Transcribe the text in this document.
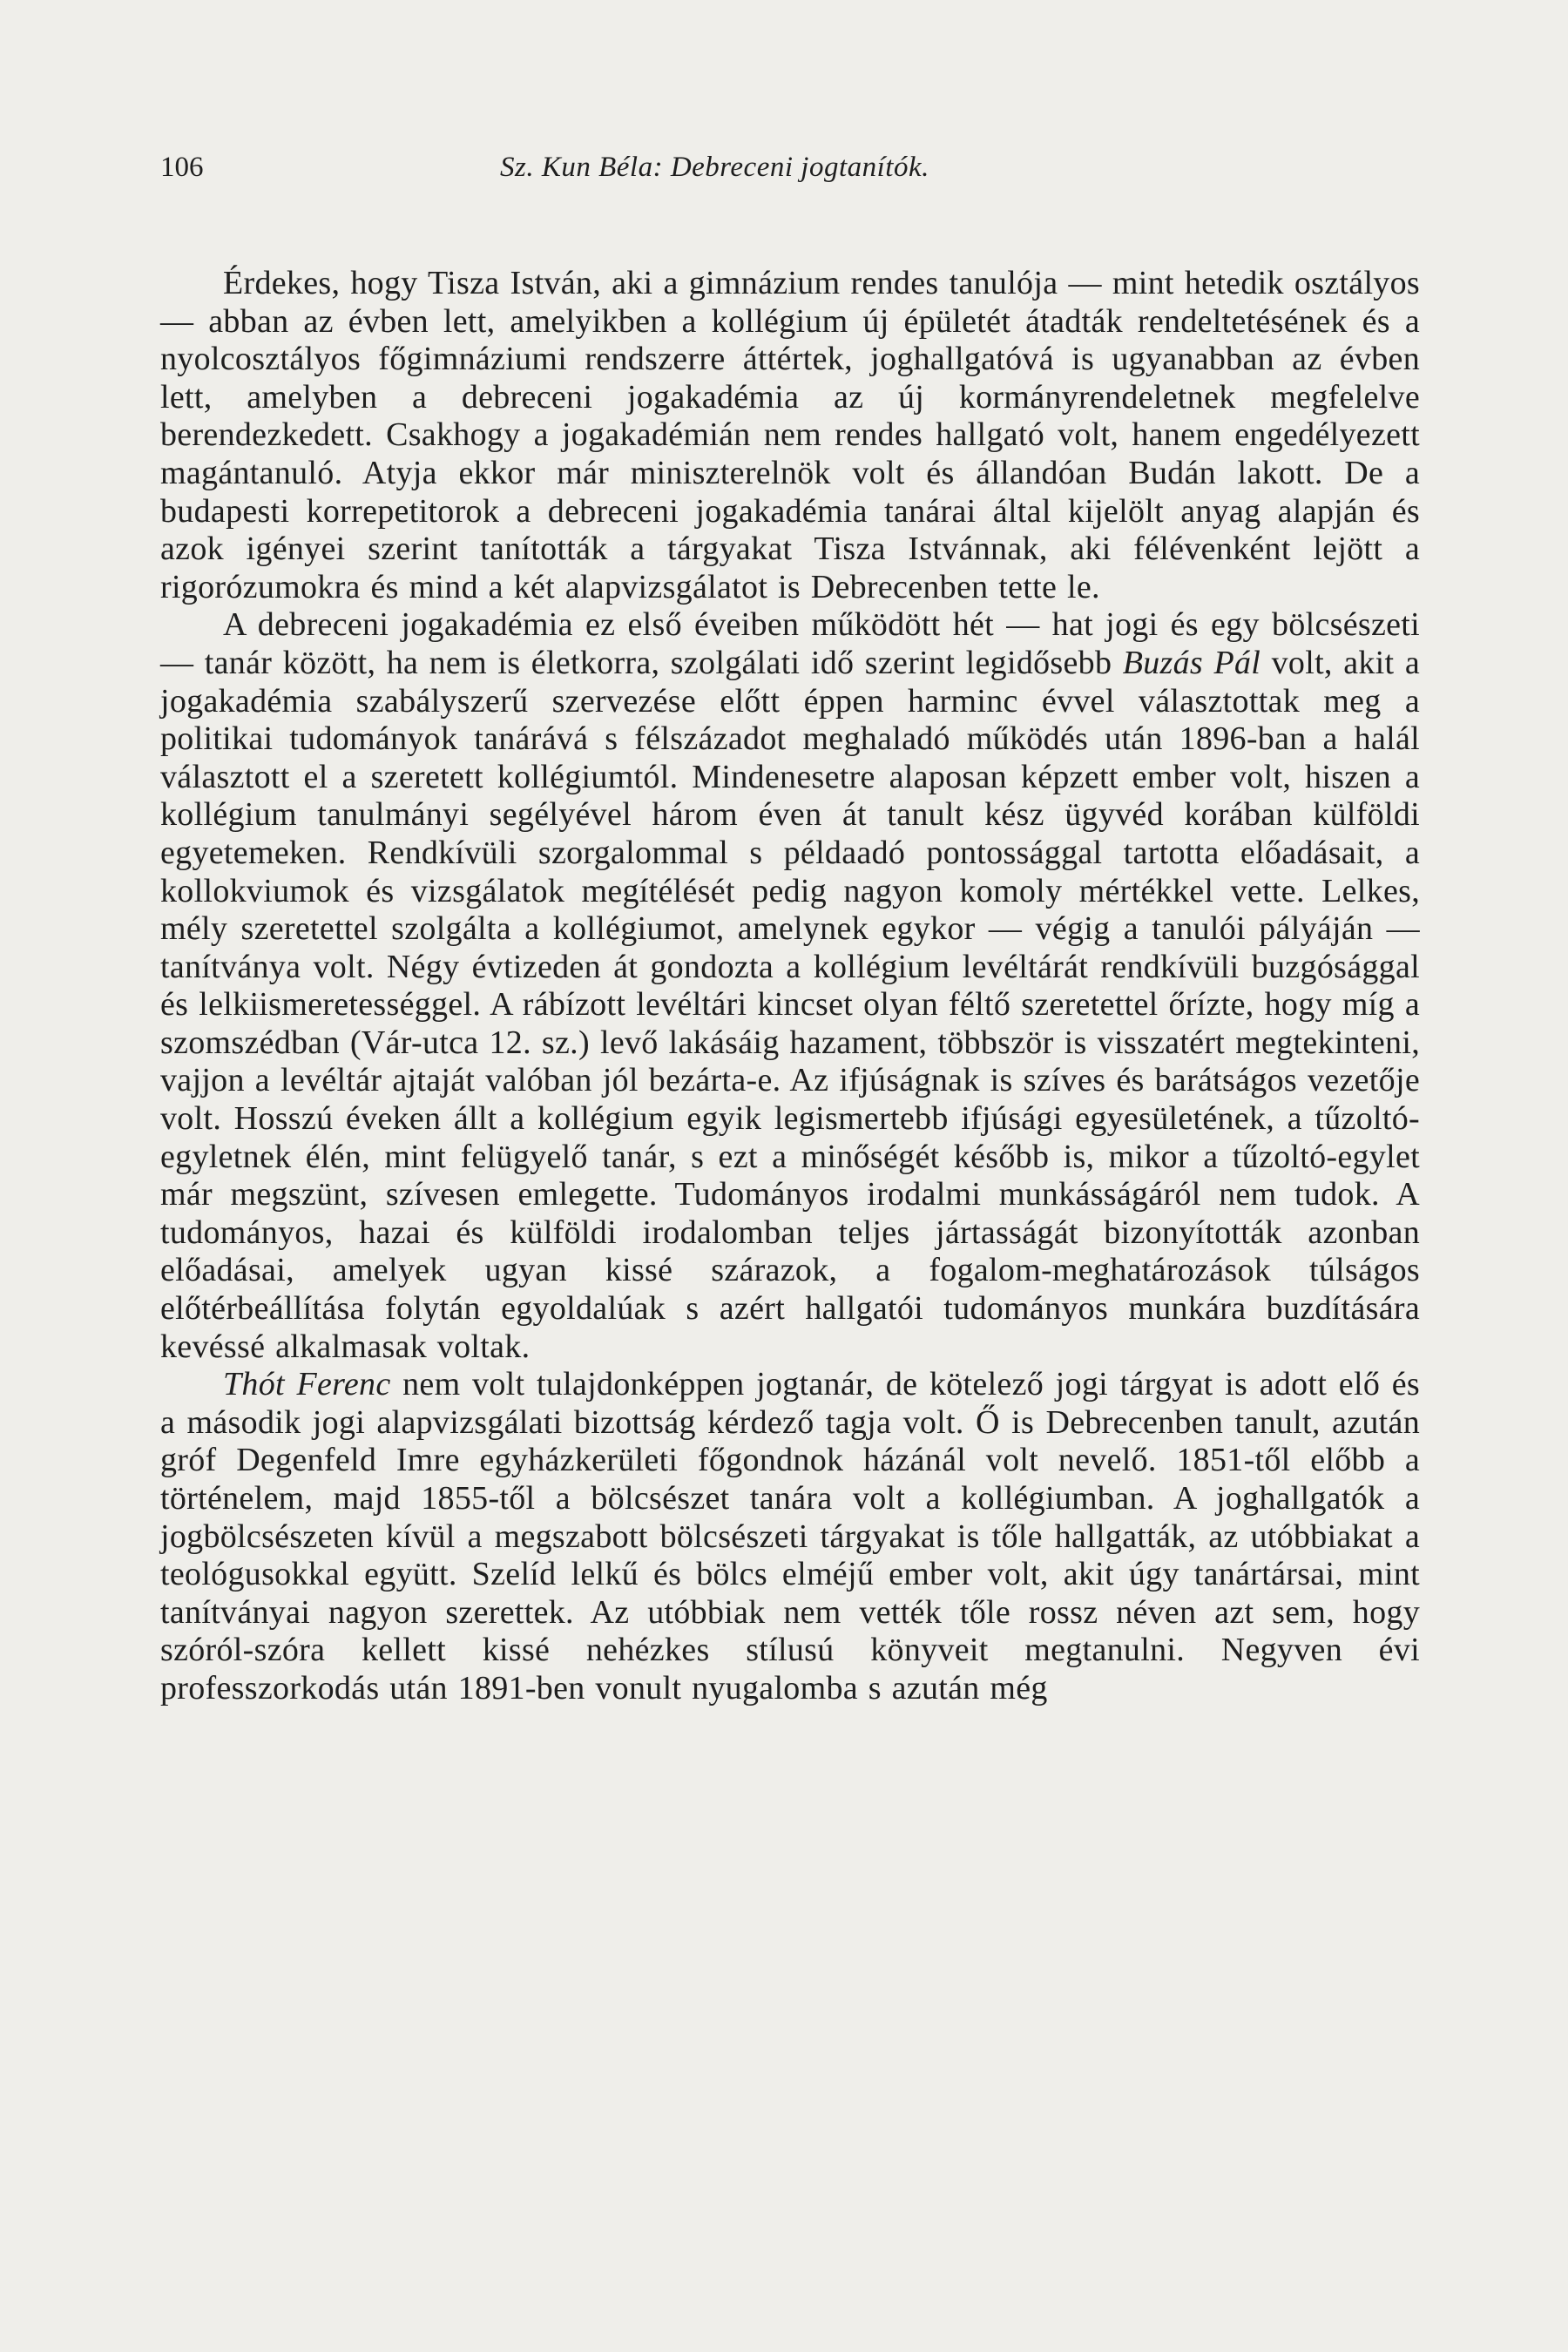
106	Sz. Kun Béla: Debreceni jogtanítók.

Érdekes, hogy Tisza István, aki a gimnázium rendes tanulója — mint hetedik osztályos — abban az évben lett, amelyikben a kollégium új épületét átadták rendeltetésének és a nyolcosztályos főgimnáziumi rendszerre áttértek, joghallgatóvá is ugyanabban az évben lett, amelyben a debreceni jogakadémia az új kormányrendeletnek megfelelve berendezkedett. Csakhogy a jogakadémián nem rendes hallgató volt, hanem engedélyezett magántanuló. Atyja ekkor már miniszterelnök volt és állandóan Budán lakott. De a budapesti korrepetitorok a debreceni jogakadémia tanárai által kijelölt anyag alapján és azok igényei szerint tanították a tárgyakat Tisza Istvánnak, aki félévenként lejött a rigorózumokra és mind a két alapvizsgálatot is Debrecenben tette le.

A debreceni jogakadémia ez első éveiben működött hét — hat jogi és egy bölcsészeti — tanár között, ha nem is életkorra, szolgálati idő szerint legidősebb Buzás Pál volt, akit a jogakadémia szabályszerű szervezése előtt éppen harminc évvel választottak meg a politikai tudományok tanárává s félszázadot meghaladó működés után 1896-ban a halál választott el a szeretett kollégiumtól. Mindenesetre alaposan képzett ember volt, hiszen a kollégium tanulmányi segélyével három éven át tanult kész ügyvéd korában külföldi egyetemeken. Rendkívüli szorgalommal s példaadó pontossággal tartotta előadásait, a kollokviumok és vizsgálatok megítélését pedig nagyon komoly mértékkel vette. Lelkes, mély szeretettel szolgálta a kollégiumot, amelynek egykor — végig a tanulói pályáján — tanítványa volt. Négy évtizeden át gondozta a kollégium levéltárát rendkívüli buzgósággal és lelkiismeretességgel. A rábízott levéltári kincset olyan féltő szeretettel őrízte, hogy míg a szomszédban (Vár-utca 12. sz.) levő lakásáig hazament, többször is visszatért megtekinteni, vajjon a levéltár ajtaját valóban jól bezárta-e. Az ifjúságnak is szíves és barátságos vezetője volt. Hosszú éveken állt a kollégium egyik legismertebb ifjúsági egyesületének, a tűzoltó-egyletnek élén, mint felügyelő tanár, s ezt a minőségét később is, mikor a tűzoltó-egylet már megszünt, szívesen emlegette. Tudományos irodalmi munkásságáról nem tudok. A tudományos, hazai és külföldi irodalomban teljes jártasságát bizonyították azonban előadásai, amelyek ugyan kissé szárazok, a fogalom-meghatározások túlságos előtérbeállítása folytán egyoldalúak s azért hallgatói tudományos munkára buzdítására kevéssé alkalmasak voltak.

Thót Ferenc nem volt tulajdonképpen jogtanár, de kötelező jogi tárgyat is adott elő és a második jogi alapvizsgálati bizottság kérdező tagja volt. Ő is Debrecenben tanult, azután gróf Degenfeld Imre egyházkerületi főgondnok házánál volt nevelő. 1851-től előbb a történelem, majd 1855-től a bölcsészet tanára volt a kollégiumban. A joghallgatók a jogbölcsészeten kívül a megszabott bölcsészeti tárgyakat is tőle hallgatták, az utóbbiakat a teológusokkal együtt. Szelíd lelkű és bölcs elméjű ember volt, akit úgy tanártársai, mint tanítványai nagyon szerettek. Az utóbbiak nem vették tőle rossz néven azt sem, hogy szóról-szóra kellett kissé nehézkes stílusú könyveit megtanulni. Negyven évi professzorkodás után 1891-ben vonult nyugalomba s azután még
